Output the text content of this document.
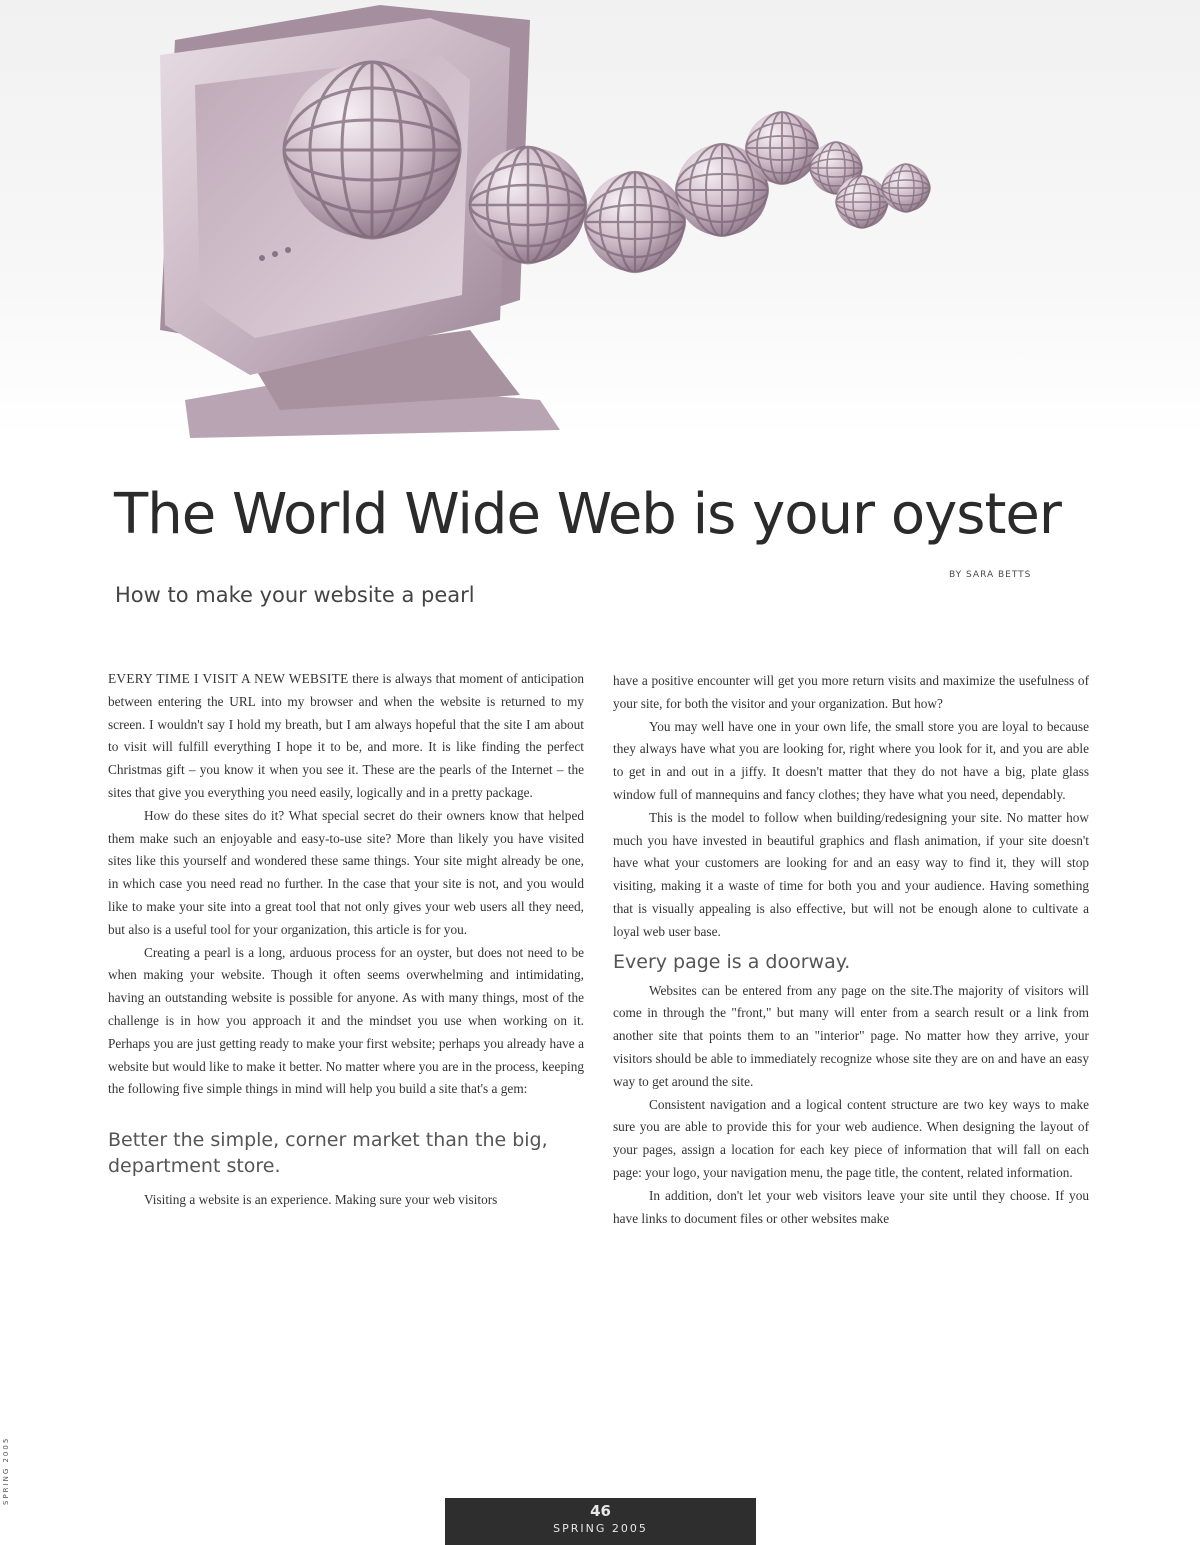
The World Wide Web is your oyster
BY SARA BETTS
How to make your website a pearl

EVERY TIME I VISIT A NEW WEBSITE there is always that moment of anticipation between entering the URL into my browser and when the website is returned to my screen. I wouldn't say I hold my breath, but I am always hopeful that the site I am about to visit will fulfill everything I hope it to be, and more. It is like finding the perfect Christmas gift – you know it when you see it. These are the pearls of the Internet – the sites that give you everything you need easily, logically and in a pretty package.

How do these sites do it? What special secret do their owners know that helped them make such an enjoyable and easy-to-use site? More than likely you have visited sites like this yourself and wondered these same things. Your site might already be one, in which case you need read no further. In the case that your site is not, and you would like to make your site into a great tool that not only gives your web users all they need, but also is a useful tool for your organization, this article is for you.

Creating a pearl is a long, arduous process for an oyster, but does not need to be when making your website. Though it often seems overwhelming and intimidating, having an outstanding website is possible for anyone. As with many things, most of the challenge is in how you approach it and the mindset you use when working on it. Perhaps you are just getting ready to make your first website; perhaps you already have a website but would like to make it better. No matter where you are in the process, keeping the following five simple things in mind will help you build a site that's a gem:

Better the simple, corner market than the big, department store.

Visiting a website is an experience. Making sure your web visitors

have a positive encounter will get you more return visits and maximize the usefulness of your site, for both the visitor and your organization. But how?

You may well have one in your own life, the small store you are loyal to because they always have what you are looking for, right where you look for it, and you are able to get in and out in a jiffy. It doesn't matter that they do not have a big, plate glass window full of mannequins and fancy clothes; they have what you need, dependably.

This is the model to follow when building/redesigning your site. No matter how much you have invested in beautiful graphics and flash animation, if your site doesn't have what your customers are looking for and an easy way to find it, they will stop visiting, making it a waste of time for both you and your audience. Having something that is visually appealing is also effective, but will not be enough alone to cultivate a loyal web user base.

Every page is a doorway.

Websites can be entered from any page on the site.The majority of visitors will come in through the "front," but many will enter from a search result or a link from another site that points them to an "interior" page. No matter how they arrive, your visitors should be able to immediately recognize whose site they are on and have an easy way to get around the site.

Consistent navigation and a logical content structure are two key ways to make sure you are able to provide this for your web audience. When designing the layout of your pages, assign a location for each key piece of information that will fall on each page: your logo, your navigation menu, the page title, the content, related information.

In addition, don't let your web visitors leave your site until they choose. If you have links to document files or other websites make

SPRING 2005
46
SPRING 2005
